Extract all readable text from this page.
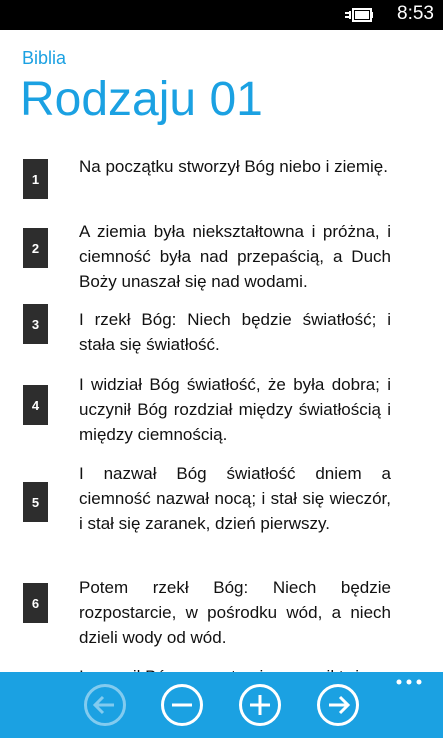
8:53
Biblia
Rodzaju 01
1

Na początku stworzył Bóg niebo i ziemię.

2

A ziemia była niekształtowna i próżna, i ciemność była nad przepaścią, a Duch Boży unaszał się nad wodami.

3	I rzekł Bóg: Niech będzie światłość; i stała się światłość.

4

I widział Bóg światłość, że była dobra; i uczynił Bóg rozdział między światłością i między ciemnością.

5

I nazwał Bóg światłość dniem a ciemność nazwał nocą; i stał się wieczór, i stał się zaranek, dzień pierwszy.

6

Potem rzekł Bóg: Niech będzie rozpostarcie, w pośrodku wód, a niech dzieli wody od wód.
